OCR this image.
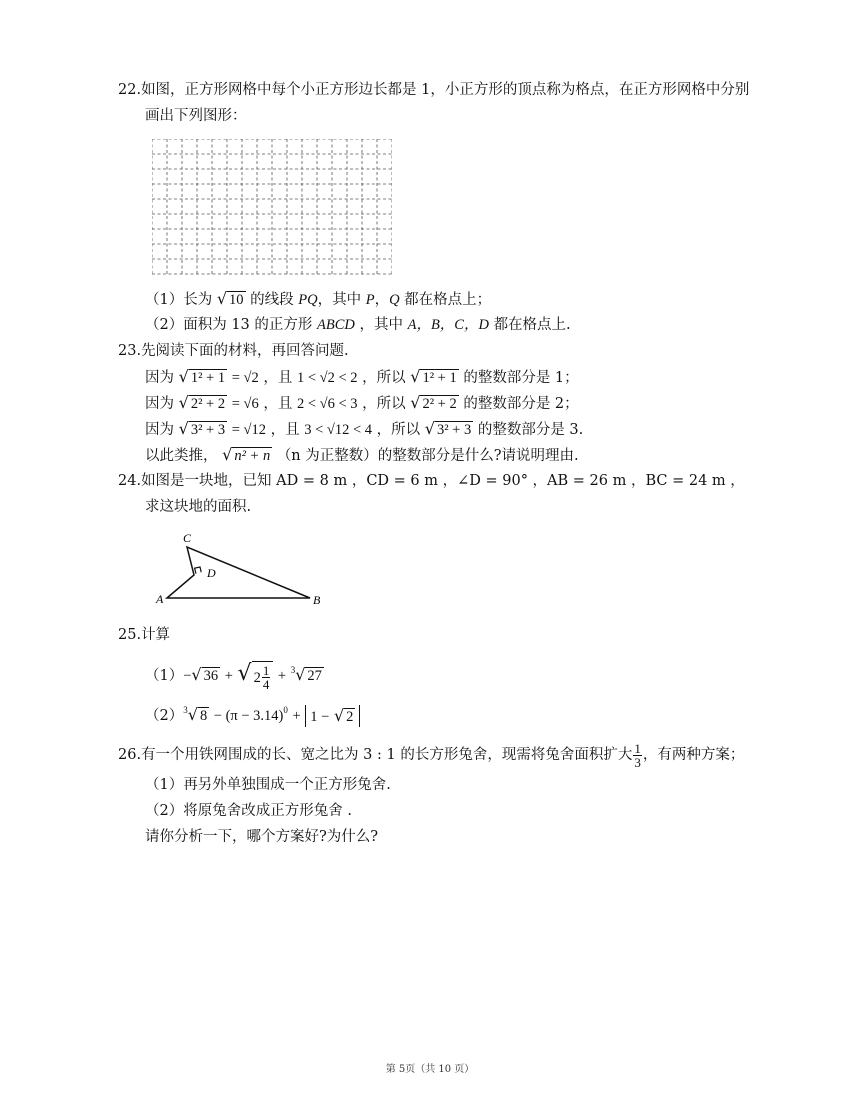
22.如图，正方形网格中每个小正方形边长都是 1，小正方形的顶点称为格点，在正方形网格中分别
画出下列图形：
（1）长为 √ 10 的线段 PQ，其中 P，Q 都在格点上；
（2）面积为 13 的正方形 ABCD ，其中 A，B，C，D 都在格点上.
23.先阅读下面的材料，再回答问题.
因为 √ 1² + 1 = √2 ，且 1 < √2 < 2 ，所以 √ 1² + 1 的整数部分是 1；
因为 √ 2² + 2 = √6 ，且 2 < √6 < 3 ，所以 √ 2² + 2 的整数部分是 2；
因为 √ 3² + 3 = √12 ，且 3 < √12 < 4 ，所以 √ 3² + 3 的整数部分是 3.
以此类推， √ n² + n （n 为正整数）的整数部分是什么?请说明理由.
24.如图是一块地，已知 AD = 8 m ，CD = 6 m ，∠D = 90° ，AB = 26 m ，BC = 24 m ，
求这块地的面积.
A	B
C
D
25.计算
（1）−√ 36 + √ $2 \frac{1}{4} + ^3√$ 27
$(2)^3√$ $8 - (\pi - 3.14)^0 + 1$ − √ 2
26.有一个用铁网围成的长、宽之比为 3 : 1 的长方形兔舍，现需将兔舍面积扩大 $\frac{1}{3}$ ，有两种方案；
（1）再另外单独围成一个正方形兔舍.
（2）将原兔舍改成正方形兔舍 .
请你分析一下，哪个方案好?为什么?
第 5页（共 10 页）
